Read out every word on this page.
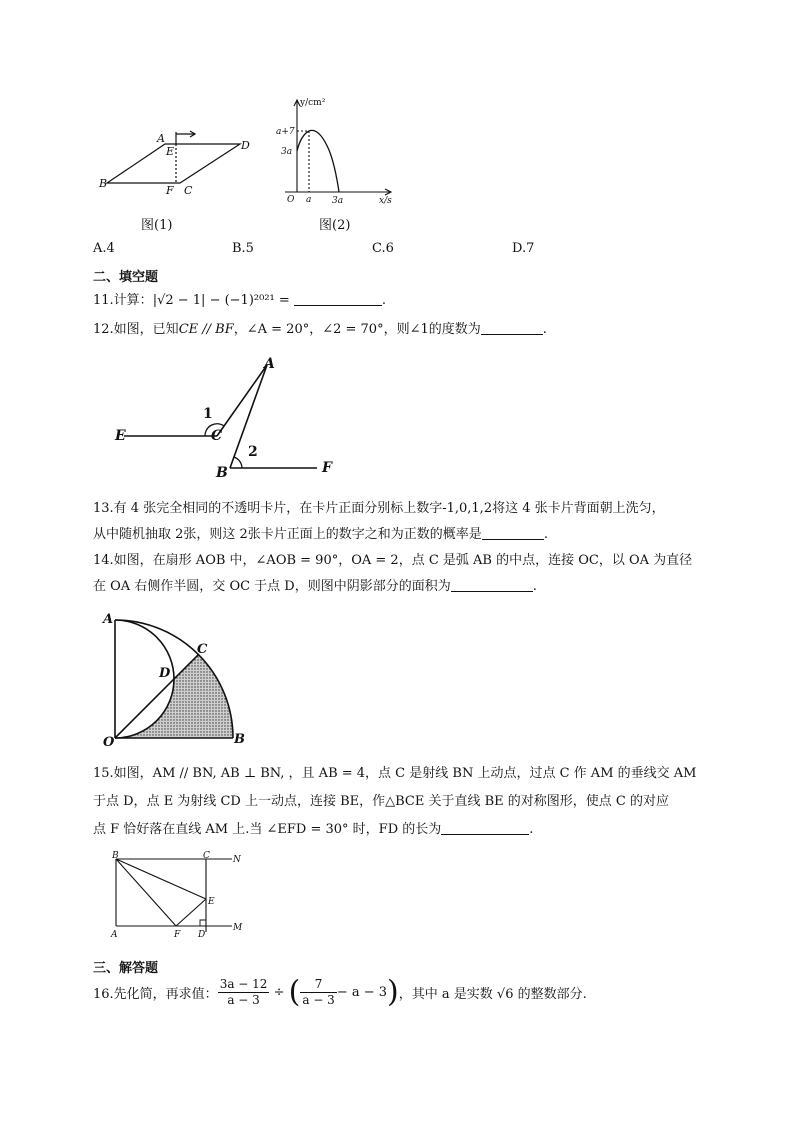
A
E	D
B
F C
图(1)
y/cm²
x/s
a+7
3a
O a 3a
图(2)
A.4	B.5	C.6	D.7
二、填空题
11.计算：|√2 − 1| − (−1)²⁰²¹ =	.
12.如图，已知CE // BF，∠A = 20°，∠2 = 70°，则∠1的度数为	.
A
C
E
B	F
1
2
13.有 4 张完全相同的不透明卡片，在卡片正面分别标上数字-1,0,1,2将这 4 张卡片背面朝上洗匀，
从中随机抽取 2张，则这 2张卡片正面上的数字之和为正数的概率是	.
14.如图，在扇形 AOB 中，∠AOB = 90°，OA = 2，点 C 是弧 AB 的中点，连接 OC，以 OA 为直径
在 OA 右侧作半圆，交 OC 于点 D，则图中阴影部分的面积为	.
A
C
D
O	B
15.如图，AM // BN, AB ⊥ BN, ，且 AB = 4，点 C 是射线 BN 上动点，过点 C 作 AM 的垂线交 AM
于点 D，点 E 为射线 CD 上一动点，连接 BE，作△BCE 关于直线 BE 的对称图形，使点 C 的对应
点 F 恰好落在直线 AM 上.当 ∠EFD = 30° 时，FD 的长为	.
B	C	N
E
A	F D
M
三、解答题
16.先化简，再求值： $\frac{3a - 12}{a - 3}$ ÷ ( $\frac{7}{a - 3} - a - 3$)，其中 a 是实数 √6 的整数部分.
